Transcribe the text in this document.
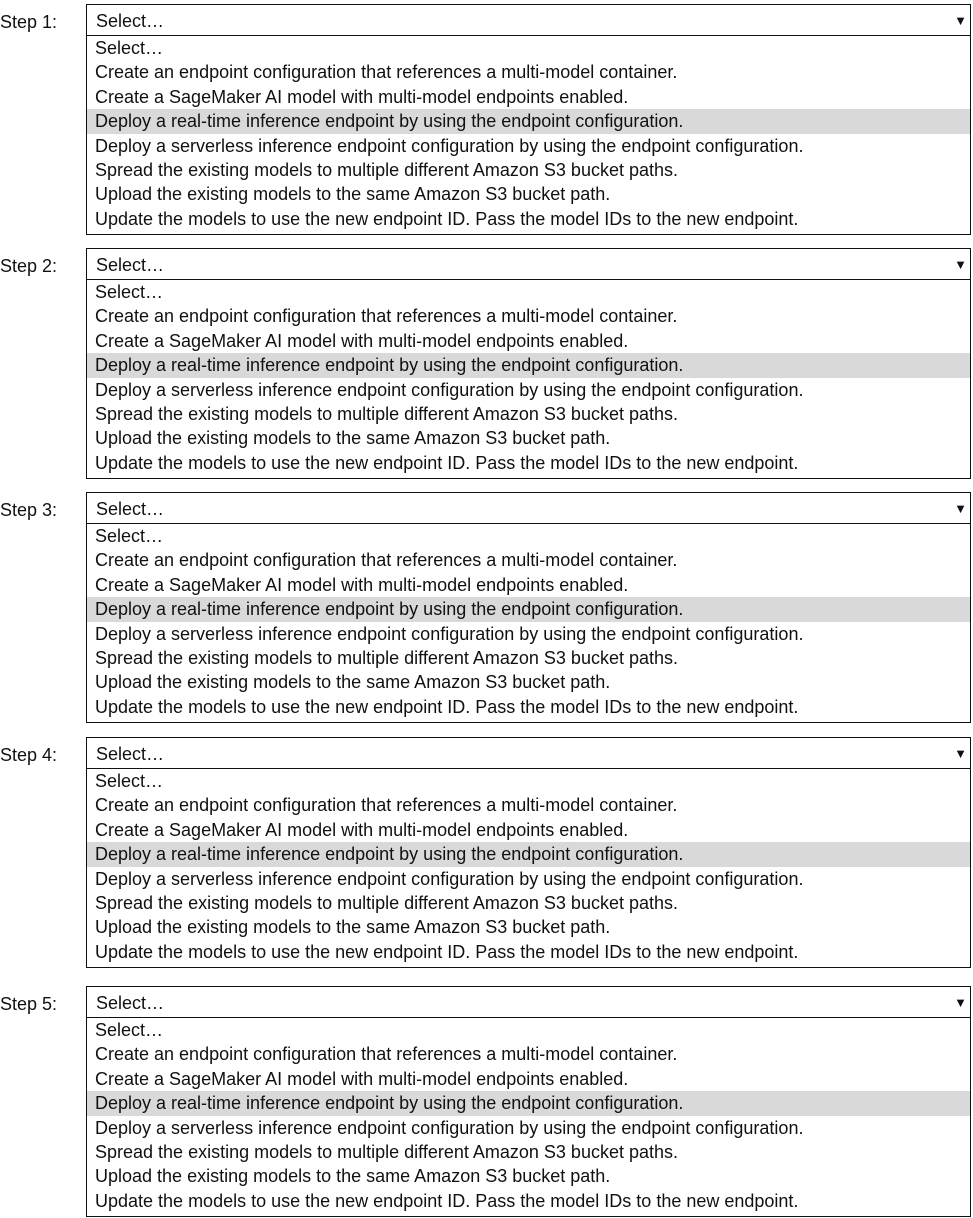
Step 1:	Select…	▼
Select…
Create an endpoint configuration that references a multi-model container.
Create a SageMaker AI model with multi-model endpoints enabled.
Deploy a real-time inference endpoint by using the endpoint configuration.
Deploy a serverless inference endpoint configuration by using the endpoint configuration.
Spread the existing models to multiple different Amazon S3 bucket paths.
Upload the existing models to the same Amazon S3 bucket path.
Update the models to use the new endpoint ID. Pass the model IDs to the new endpoint.
Step 2:	Select…	▼
Select…
Create an endpoint configuration that references a multi-model container.
Create a SageMaker AI model with multi-model endpoints enabled.
Deploy a real-time inference endpoint by using the endpoint configuration.
Deploy a serverless inference endpoint configuration by using the endpoint configuration.
Spread the existing models to multiple different Amazon S3 bucket paths.
Upload the existing models to the same Amazon S3 bucket path.
Update the models to use the new endpoint ID. Pass the model IDs to the new endpoint.
Step 3:	Select…	▼
Select…
Create an endpoint configuration that references a multi-model container.
Create a SageMaker AI model with multi-model endpoints enabled.
Deploy a real-time inference endpoint by using the endpoint configuration.
Deploy a serverless inference endpoint configuration by using the endpoint configuration.
Spread the existing models to multiple different Amazon S3 bucket paths.
Upload the existing models to the same Amazon S3 bucket path.
Update the models to use the new endpoint ID. Pass the model IDs to the new endpoint.
Step 4:	Select…	▼
Select…
Create an endpoint configuration that references a multi-model container.
Create a SageMaker AI model with multi-model endpoints enabled.
Deploy a real-time inference endpoint by using the endpoint configuration.
Deploy a serverless inference endpoint configuration by using the endpoint configuration.
Spread the existing models to multiple different Amazon S3 bucket paths.
Upload the existing models to the same Amazon S3 bucket path.
Update the models to use the new endpoint ID. Pass the model IDs to the new endpoint.
Step 5:	Select…	▼
Select…
Create an endpoint configuration that references a multi-model container.
Create a SageMaker AI model with multi-model endpoints enabled.
Deploy a real-time inference endpoint by using the endpoint configuration.
Deploy a serverless inference endpoint configuration by using the endpoint configuration.
Spread the existing models to multiple different Amazon S3 bucket paths.
Upload the existing models to the same Amazon S3 bucket path.
Update the models to use the new endpoint ID. Pass the model IDs to the new endpoint.
